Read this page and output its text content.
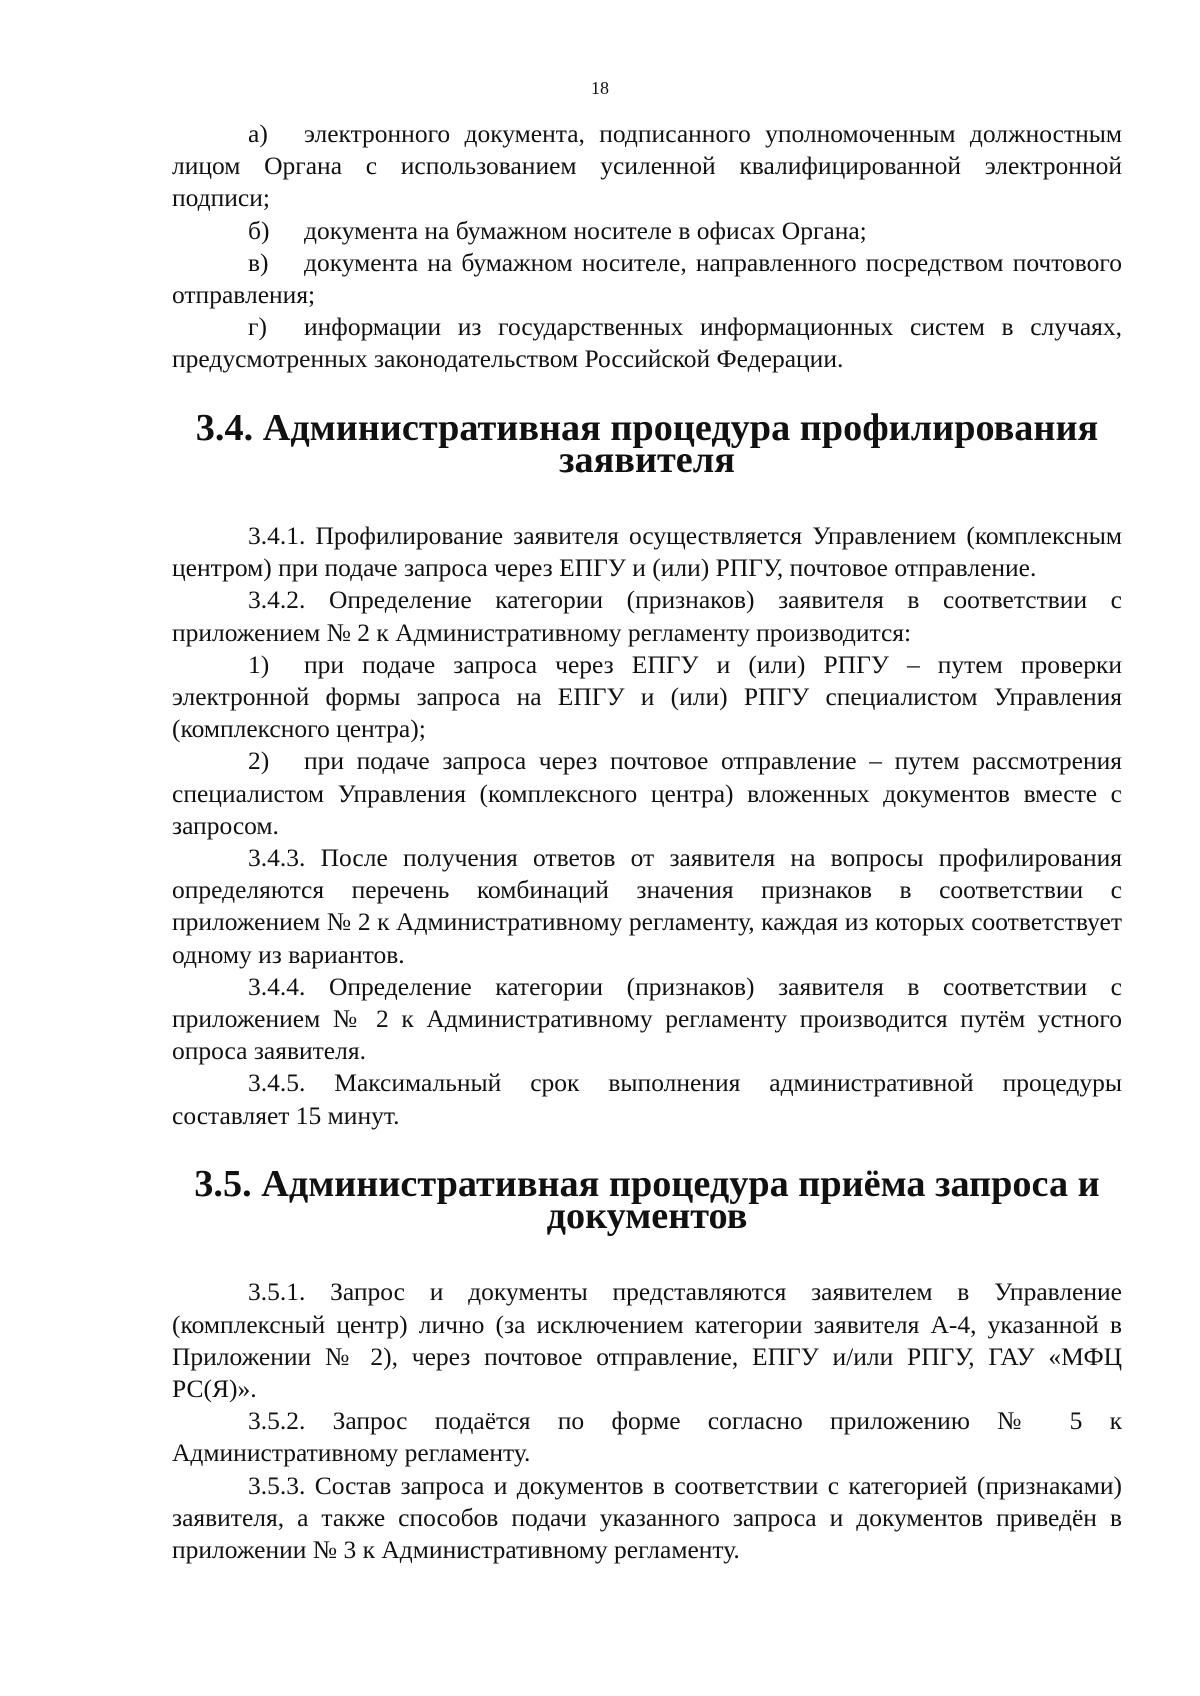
18

а) электронного документа, подписанного уполномоченным должностным лицом Органа с использованием усиленной квалифицированной электронной подписи;

б) документа на бумажном носителе в офисах Органа;

в) документа на бумажном носителе, направленного посредством почтового отправления;

г) информации из государственных информационных систем в случаях, предусмотренных законодательством Российской Федерации.

3.4. Административная процедура профилирования заявителя

3.4.1. Профилирование заявителя осуществляется Управлением (комплексным центром) при подаче запроса через ЕПГУ и (или) РПГУ, почтовое отправление.

3.4.2. Определение категории (признаков) заявителя в соответствии с приложением № 2 к Административному регламенту производится:

1) при подаче запроса через ЕПГУ и (или) РПГУ – путем проверки электронной формы запроса на ЕПГУ и (или) РПГУ специалистом Управления (комплексного центра);

2) при подаче запроса через почтовое отправление – путем рассмотрения специалистом Управления (комплексного центра) вложенных документов вместе с запросом.

3.4.3. После получения ответов от заявителя на вопросы профилирования определяются перечень комбинаций значения признаков в соответствии с приложением № 2 к Административному регламенту, каждая из которых соответствует одному из вариантов.

3.4.4. Определение категории (признаков) заявителя в соответствии с приложением № 2 к Административному регламенту производится путём устного опроса заявителя.

3.4.5. Максимальный срок выполнения административной процедуры составляет 15 минут.

3.5. Административная процедура приёма запроса и документов

3.5.1. Запрос и документы представляются заявителем в Управление (комплексный центр) лично (за исключением категории заявителя А-4, указанной в Приложении № 2), через почтовое отправление, ЕПГУ и/или РПГУ, ГАУ «МФЦ РС(Я)».

3.5.2. Запрос подаётся по форме согласно приложению № 5 к Административному регламенту.

3.5.3. Состав запроса и документов в соответствии с категорией (признаками) заявителя, а также способов подачи указанного запроса и документов приведён в приложении № 3 к Административному регламенту.
